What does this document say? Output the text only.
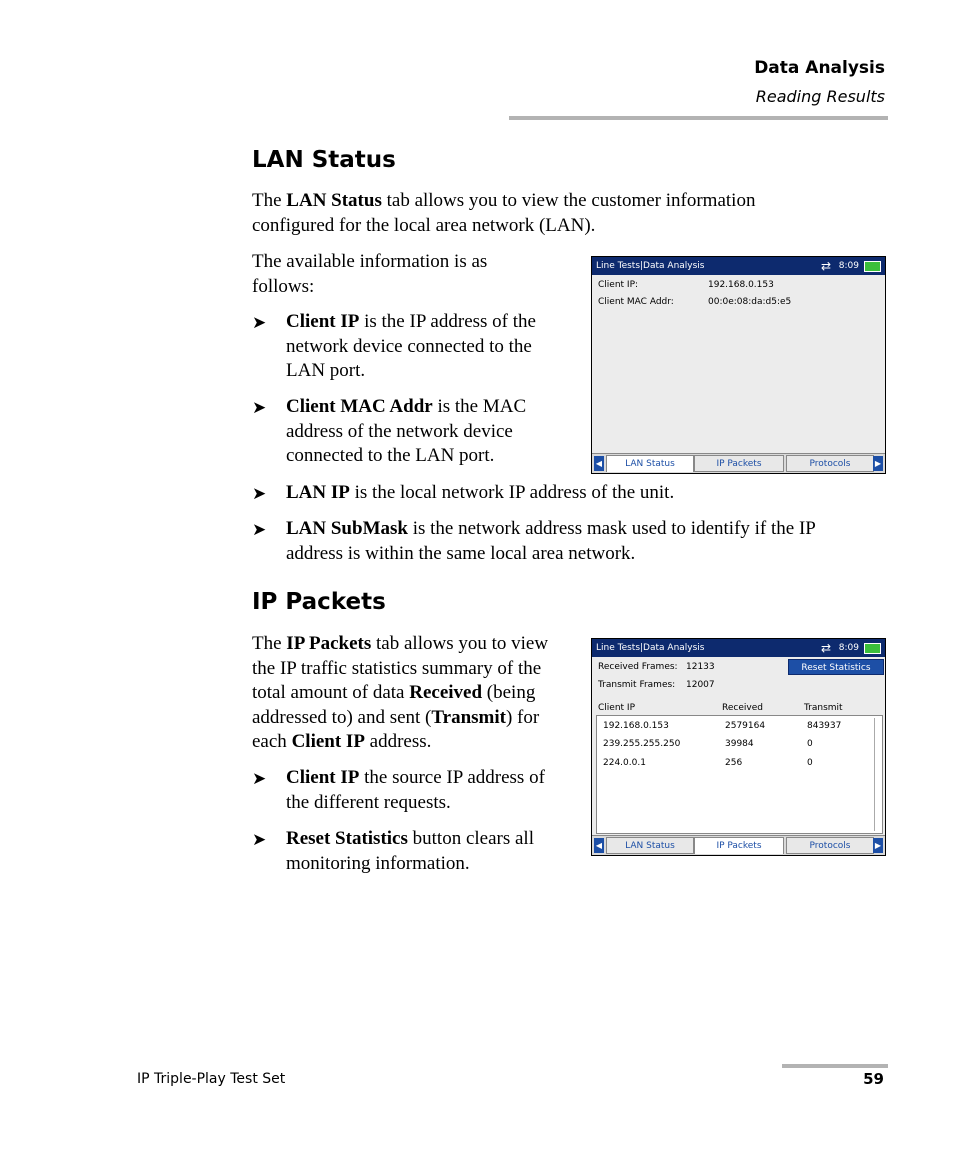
Data Analysis
Reading Results
LAN Status
The LAN Status tab allows you to view the customer information
configured for the local area network (LAN).
The available information is as
follows:
➤ Client IP is the IP address of the
network device connected to the
LAN port.
➤ Client MAC Addr is the MAC
address of the network device
connected to the LAN port.
➤ LAN IP is the local network IP address of the unit.
➤ LAN SubMask is the network address mask used to identify if the IP
address is within the same local area network.
Line Tests|Data Analysis	⇄ 8:09
Client IP:	192.168.0.153
Client MAC Addr:	00:0e:08:da:d5:e5
◀	LAN Status	IP Packets	Protocols	▶
IP Packets
The IP Packets tab allows you to view
the IP traffic statistics summary of the
total amount of data Received (being
addressed to) and sent (Transmit) for
each Client IP address.
➤ Client IP the source IP address of
the different requests.
➤ Reset Statistics button clears all
monitoring information.
Line Tests|Data Analysis	⇄ 8:09
Received Frames: 12133
Transmit Frames: 12007
Reset Statistics
Client IP	Received	Transmit
192.168.0.153	2579164	843937
239.255.255.250	39984	0
224.0.0.1	256	0
◀	LAN Status	IP Packets	Protocols	▶
IP Triple-Play Test Set	59
